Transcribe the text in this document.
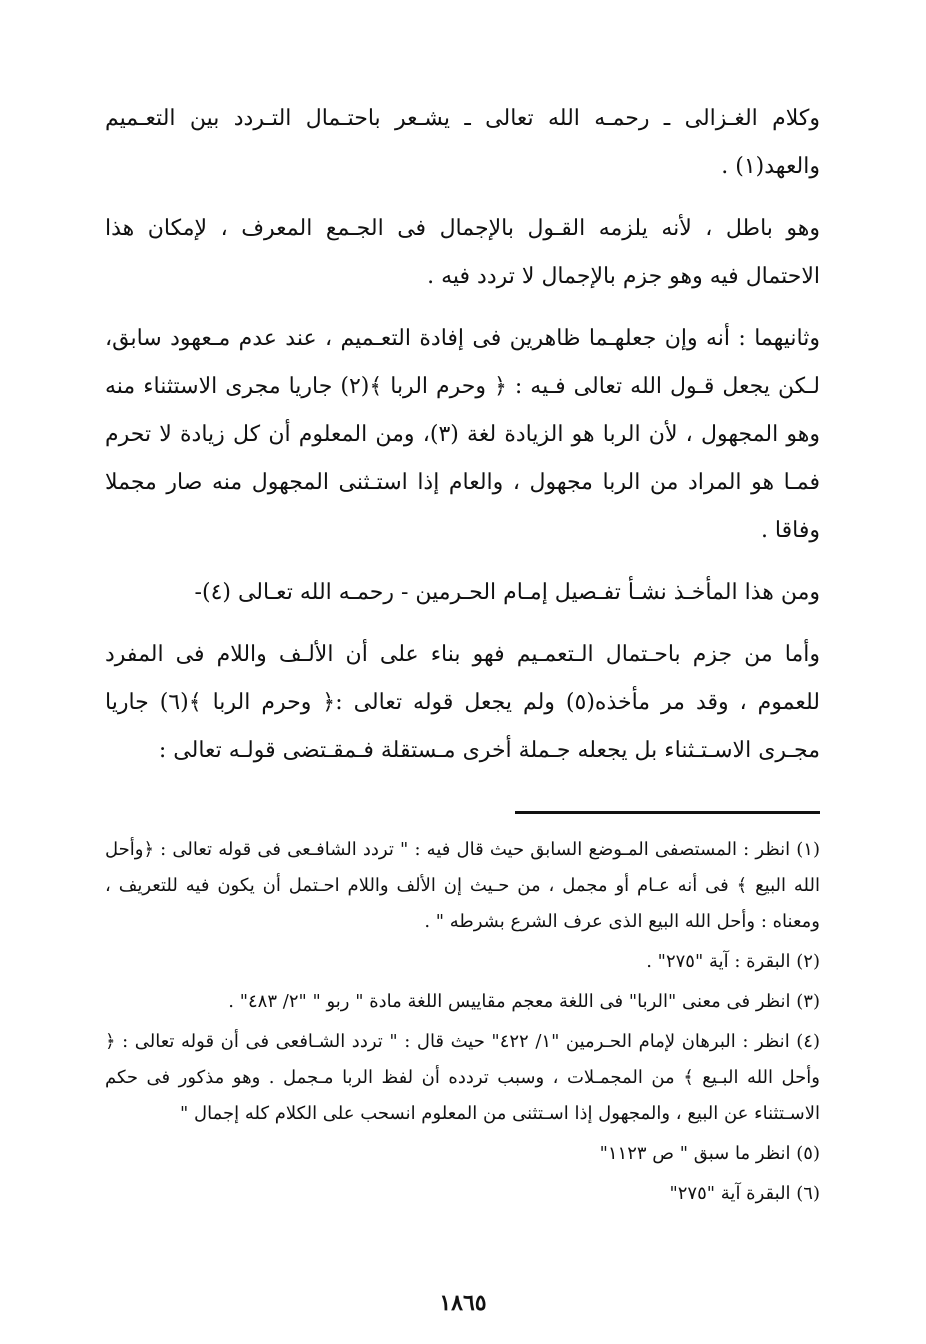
وكلام الغـزالى ـ رحمـه الله تعالى ـ يشـعر باحتـمال التـردد بين التعـميم والعهد(١) .

وهو باطل ، لأنه يلزمه القـول بالإجمال فى الجـمع المعرف ، لإمكان هذا الاحتمال فيه وهو جزم بالإجمال لا تردد فيه .

وثانيهما : أنه وإن جعلهـما ظاهرين فى إفادة التعـميم ، عند عدم مـعهود سابق، لـكن يجعل قـول الله تعالى فـيه : ﴿ وحرم الربا ﴾(٢) جاريا مجرى الاستثناء منه وهو المجهول ، لأن الربا هو الزيادة لغة (٣)، ومن المعلوم أن كل زيادة لا تحرم فمـا هو المراد من الربا مجهول ، والعام إذا استـثنى المجهول منه صار مجملا وفاقا .

ومن هذا المأخـذ نشـأ تفـصيل إمـام الحـرمين - رحمـه الله تعـالى (٤)-

وأما من جزم باحـتمال الـتعمـيم فهو بناء على أن الألـف واللام فى المفرد للعموم ، وقد مر مأخذه(٥) ولم يجعل قوله تعالى :﴿ وحرم الربا ﴾(٦) جاريا مجـرى الاسـتـثناء بل يجعله جـملة أخرى مـستقلة فـمقـتضى قولـه تعالى :

(١) انظر : المستصفى المـوضع السابق حيث قال فيه : " تردد الشافـعى فى قوله تعالى : ﴿وأحل الله البيع ﴾ فى أنه عـام أو مجمل ، من حـيث إن الألف واللام احـتمل أن يكون فيه للتعريف ، ومعناه : وأحل الله البيع الذى عرف الشرع بشرطه " .

(٢) البقرة : آية "٢٧٥" .

(٣) انظر فى معنى "الربا" فى اللغة معجم مقاييس اللغة مادة " ربو " "٢/ ٤٨٣" .

(٤) انظر : البرهان لإمام الحـرمين "١/ ٤٢٢" حيث قال : " تردد الشـافعى فى أن قوله تعالى : ﴿ وأحل الله البـيع ﴾ من المجمـلات ، وسبب تردده أن لفظ الربا مـجمل . وهو مذكور فى حكم الاسـتثناء عن البيع ، والمجهول إذا اسـتثنى من المعلوم انسحب على الكلام كله إجمال "

(٥) انظر ما سبق " ص ١١٢٣"

(٦) البقرة آية "٢٧٥"

١٨٦٥
